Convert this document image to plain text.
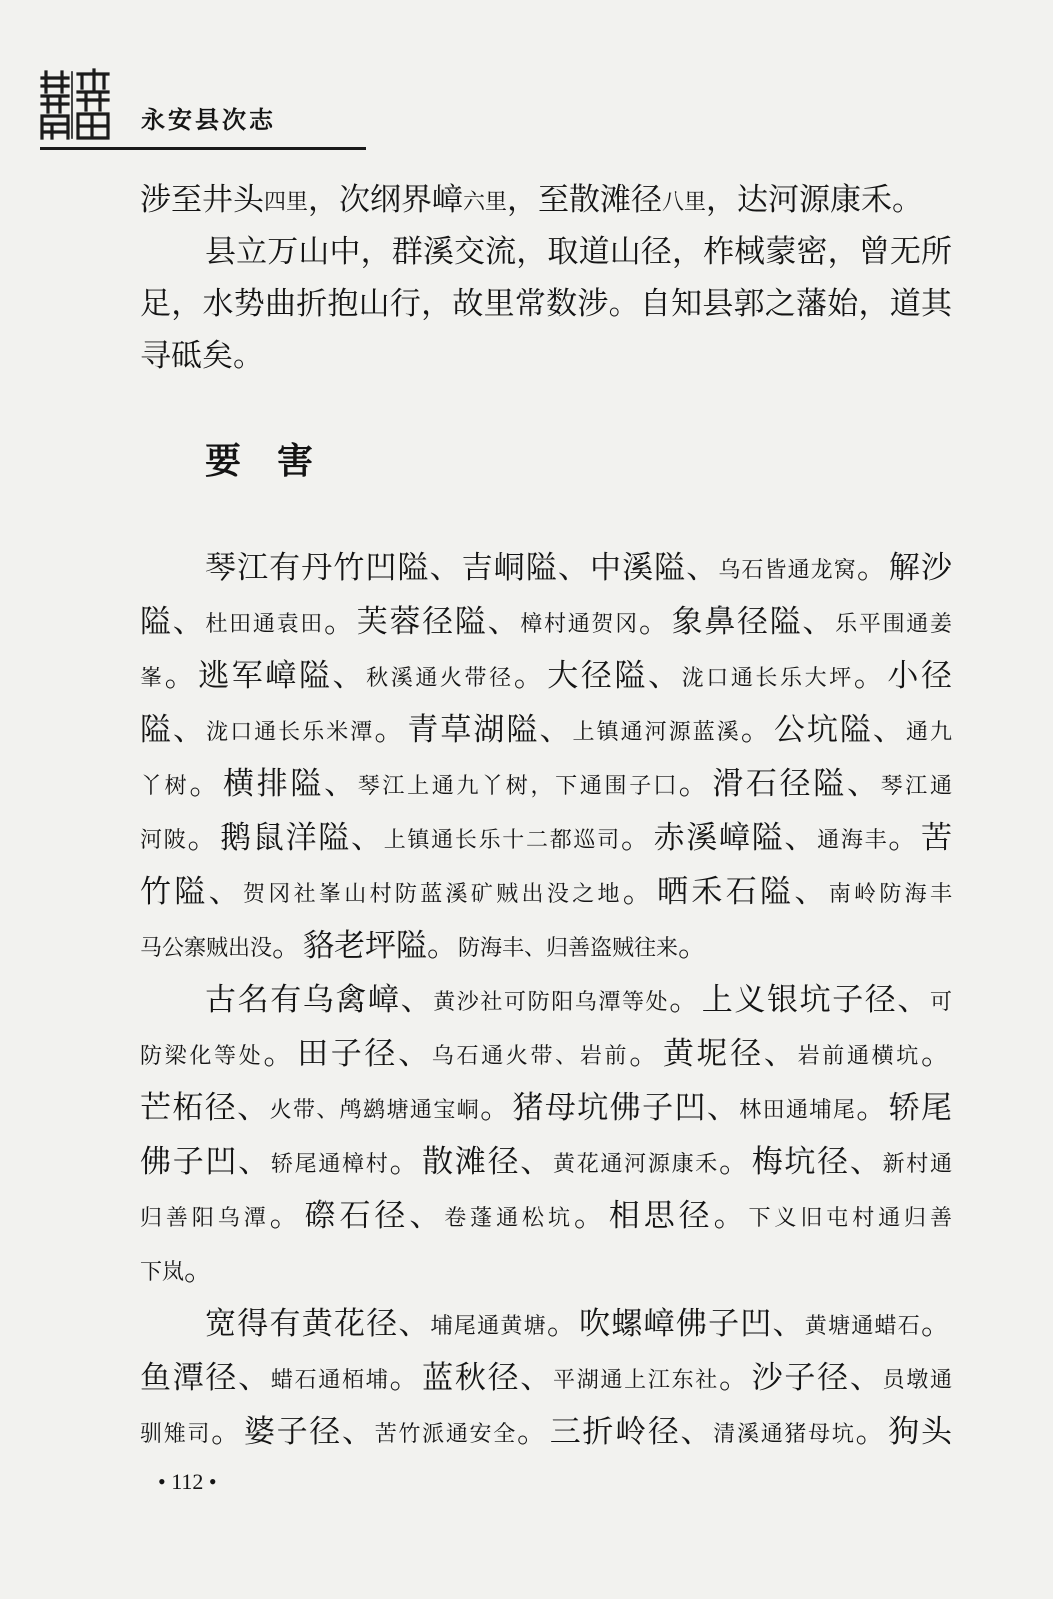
永安县次志
涉至井头四里，次纲界嶂六里，至散滩径八里，达河源康禾。
县立万山中，群溪交流，取道山径，柞棫蒙密，曾无所
足，水势曲折抱山行，故里常数涉。自知县郭之藩始，道其
寻砥矣。
要　害
琴江有丹竹凹隘、吉峒隘、中溪隘、乌石皆通龙窝。解沙
隘、杜田通袁田。芙蓉径隘、樟村通贺冈。象鼻径隘、乐平围通姜
峯。逃军嶂隘、秋溪通火带径。大径隘、泷口通长乐大坪。小径
隘、泷口通长乐米潭。青草湖隘、上镇通河源蓝溪。公坑隘、通九
丫树。横排隘、琴江上通九丫树，下通围子囗。滑石径隘、琴江通
河陂。鹅鼠洋隘、上镇通长乐十二都巡司。赤溪嶂隘、通海丰。苦
竹隘、贺冈社峯山村防蓝溪矿贼出没之地。晒禾石隘、南岭防海丰
马公寨贼出没。貉老坪隘。防海丰、归善盗贼往来。
古名有乌禽嶂、黄沙社可防阳乌潭等处。上义银坑子径、可
防梁化等处。田子径、乌石通火带、岩前。黄坭径、岩前通横坑。
芒柘径、火带、鸬鹚塘通宝峒。猪母坑佛子凹、林田通埔尾。轿尾
佛子凹、轿尾通樟村。散滩径、黄花通河源康禾。梅坑径、新村通
归善阳乌潭。磜石径、卷蓬通松坑。相思径。下义旧屯村通归善
下岚。
宽得有黄花径、埔尾通黄塘。吹螺嶂佛子凹、黄塘通蜡石。
鱼潭径、蜡石通栢埔。蓝秋径、平湖通上江东社。沙子径、员墩通
驯雉司。婆子径、苦竹派通安全。三折岭径、清溪通猪母坑。狗头
• 112 •
